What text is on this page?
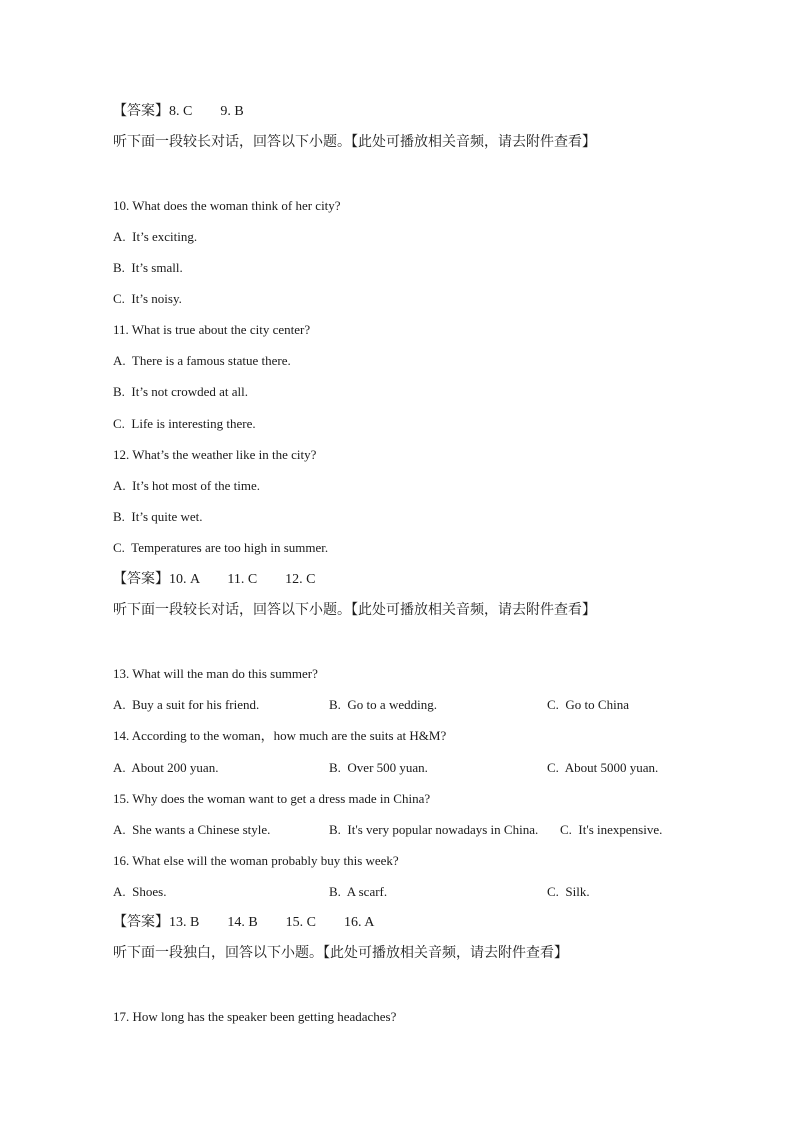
【答案】8. C        9. B
听下面一段较长对话，回答以下小题。【此处可播放相关音频，请去附件查看】
10. What does the woman think of her city?
A.  It’s exciting.
B.  It’s small.
C.  It’s noisy.
11. What is true about the city center?
A.  There is a famous statue there.
B.  It’s not crowded at all.
C.  Life is interesting there.
12. What’s the weather like in the city?
A.  It’s hot most of the time.
B.  It’s quite wet.
C.  Temperatures are too high in summer.
【答案】10. A        11. C        12. C
听下面一段较长对话，回答以下小题。【此处可播放相关音频，请去附件查看】
13. What will the man do this summer?
A.  Buy a suit for his friend.	B.  Go to a wedding.	C.  Go to China
14. According to the woman，how much are the suits at H&M?
A.  About 200 yuan.	B.  Over 500 yuan.	C.  About 5000 yuan.
15. Why does the woman want to get a dress made in China?
A.  She wants a Chinese style.	B.  It's very popular nowadays in China. C.  It's inexpensive.
16. What else will the woman probably buy this week?
A.  Shoes.	B.  A scarf.	C.  Silk.
【答案】13. B        14. B        15. C        16. A
听下面一段独白，回答以下小题。【此处可播放相关音频，请去附件查看】
17. How long has the speaker been getting headaches?
